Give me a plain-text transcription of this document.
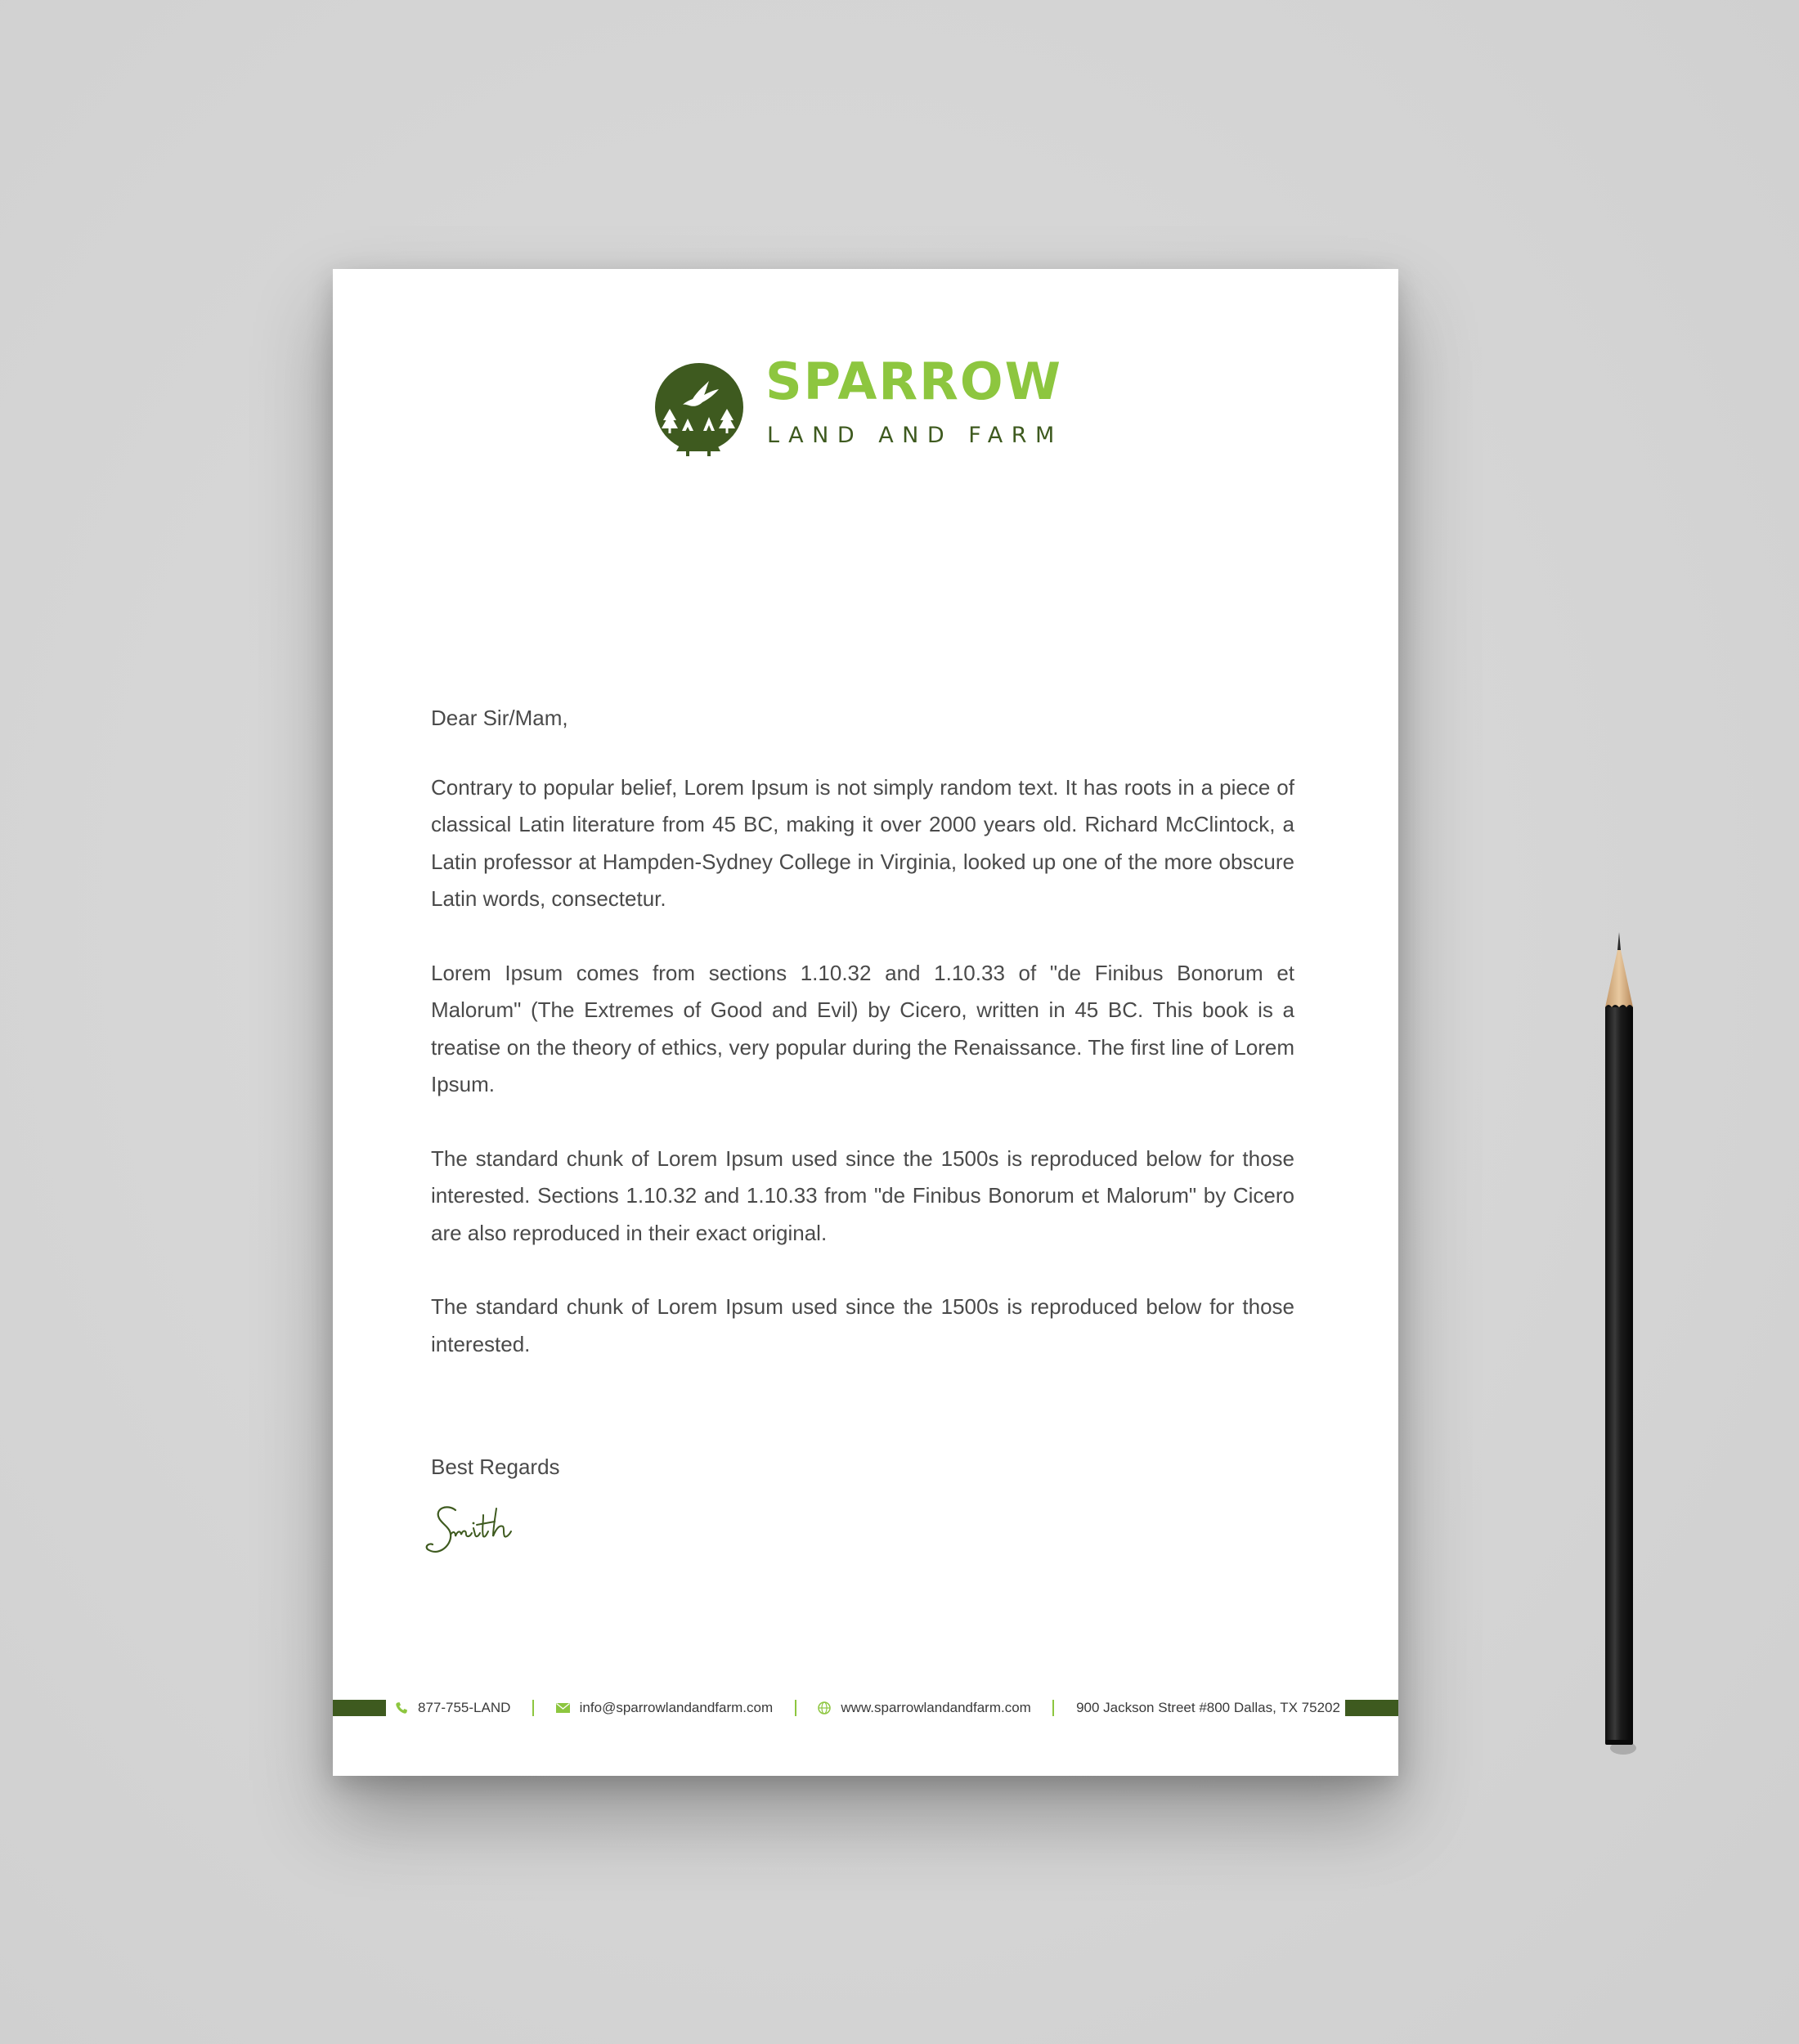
SPARROW
LAND AND FARM
Dear Sir/Mam,
Contrary to popular belief, Lorem Ipsum is not simply random text. It has roots in a piece of classical Latin literature from 45 BC, making it over 2000 years old. Richard McClintock, a Latin professor at Hampden-Sydney College in Virginia, looked up one of the more obscure Latin words, consectetur.
Lorem Ipsum comes from sections 1.10.32 and 1.10.33 of "de Finibus Bonorum et Malorum" (The Extremes of Good and Evil) by Cicero, written in 45 BC. This book is a treatise on the theory of ethics, very popular during the Renaissance. The first line of Lorem Ipsum.
The standard chunk of Lorem Ipsum used since the 1500s is reproduced below for those interested. Sections 1.10.32 and 1.10.33 from "de Finibus Bonorum et Malorum" by Cicero are also reproduced in their exact original.
The standard chunk of Lorem Ipsum used since the 1500s is reproduced below for those interested.
Best Regards
877-755-LAND	info@sparrowlandandfarm.com	www.sparrowlandandfarm.com	900 Jackson Street #800 Dallas, TX 75202
